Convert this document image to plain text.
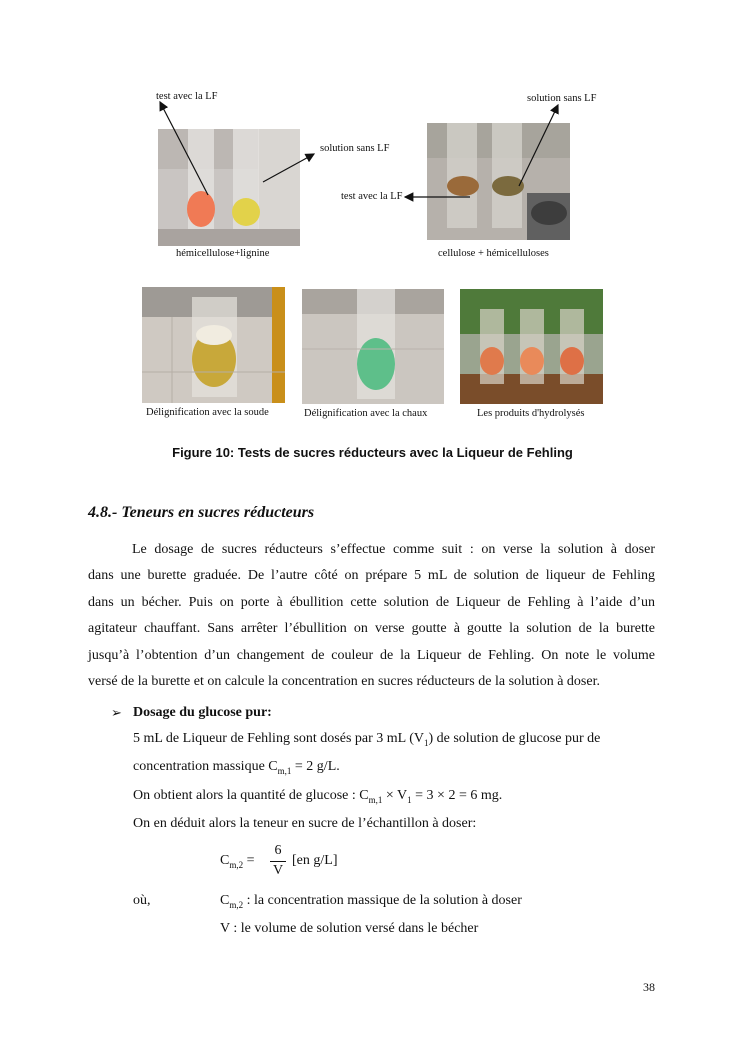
test avec la LF
solution sans LF
hémicellulose+lignine
solution sans LF
test avec la LF
cellulose + hémicelluloses
Délignification avec la soude	Délignification avec la chaux	Les produits d'hydrolysés
Figure 10: Tests de sucres réducteurs avec la Liqueur de Fehling
4.8.- Teneurs en sucres réducteurs
Le dosage de sucres réducteurs s’effectue comme suit : on verse la solution à doser
dans une burette graduée. De l’autre côté on prépare 5 mL de solution de liqueur de Fehling
dans un bécher. Puis on porte à ébullition cette solution de Liqueur de Fehling à l’aide d’un
agitateur chauffant. Sans arrêter l’ébullition on verse goutte à goutte la solution de la burette
jusqu’à l’obtention d’un changement de couleur de la Liqueur de Fehling. On note le volume
versé de la burette et on calcule la concentration en sucres réducteurs de la solution à doser.
➢ Dosage du glucose pur:
5 mL de Liqueur de Fehling sont dosés par 3 mL $(V_1)$ de solution de glucose pur de
concentration massique $C_{m,1} = 2$ g/L.
On obtient alors la quantité de glucose : $C_{m,1} \times V_1 = 3 \times 2 = 6$ mg.
On en déduit alors la teneur en sucre de l’échantillon à doser:
$C_{m,2}$ =
6
V
[en g/L]
où,	$C_{m,2}$ : la concentration massique de la solution à doser
V : le volume de solution versé dans le bécher
38
